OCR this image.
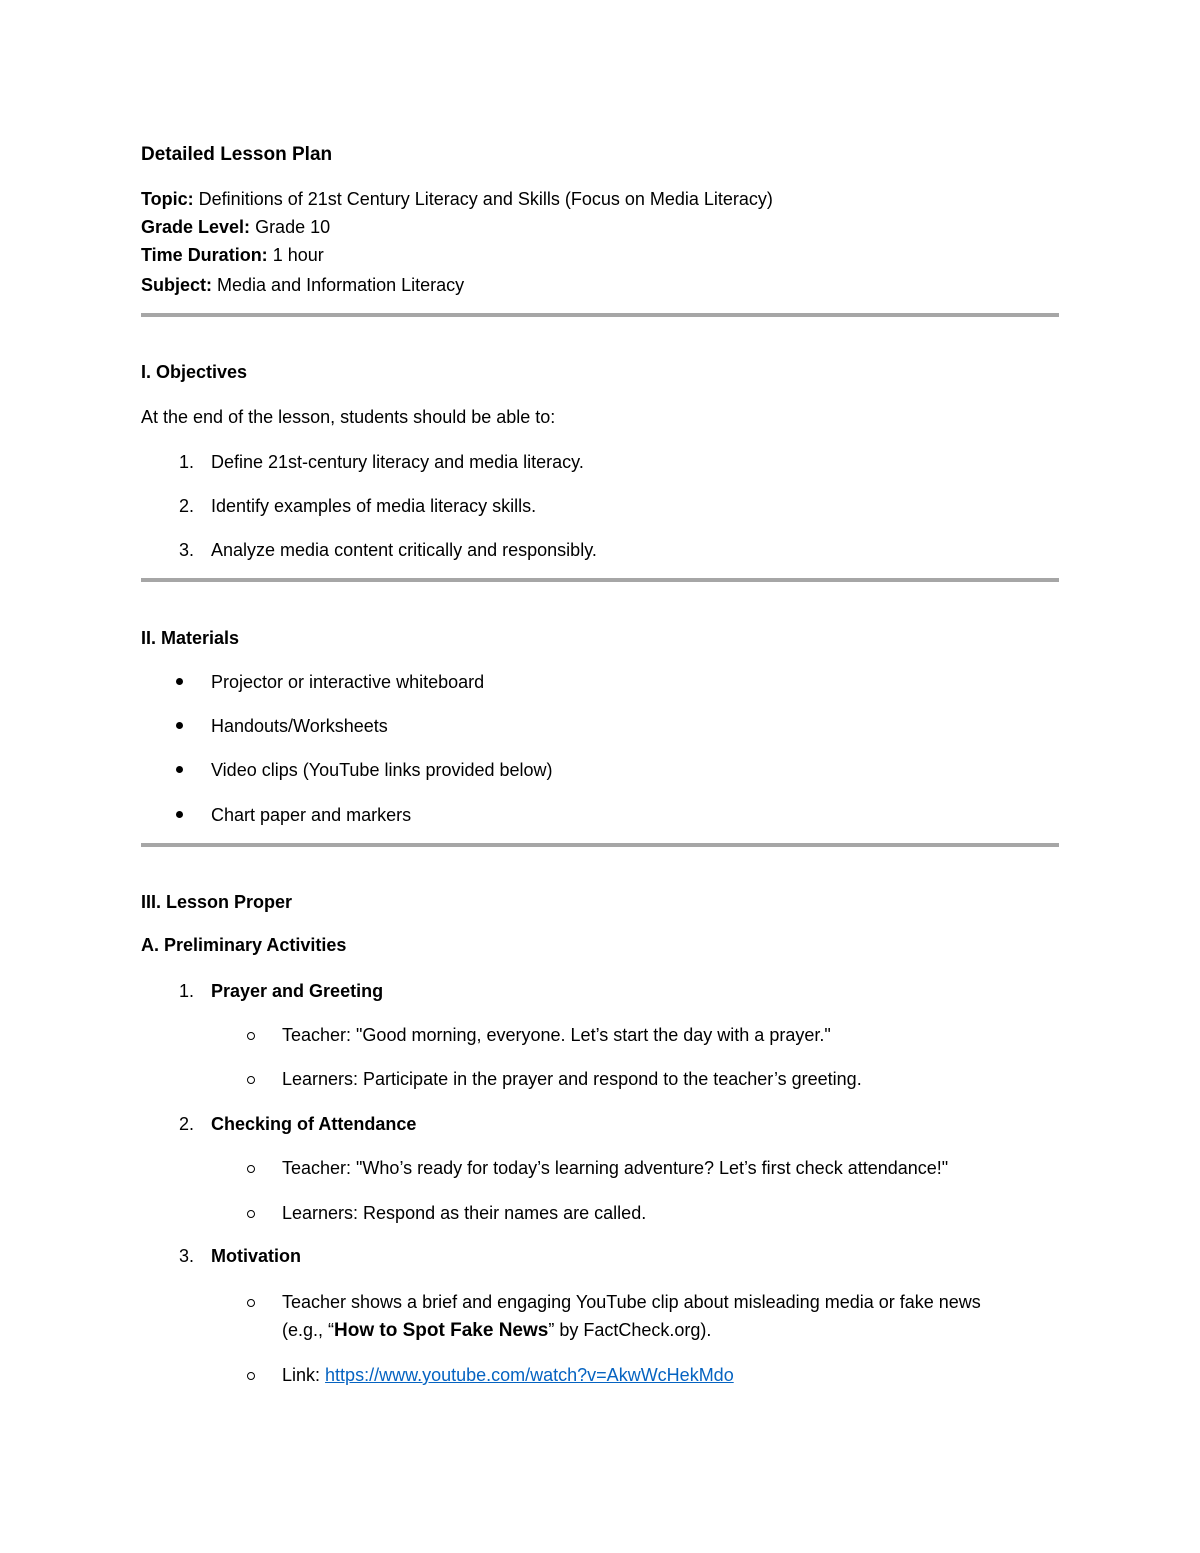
Detailed Lesson Plan
Topic: Definitions of 21st Century Literacy and Skills (Focus on Media Literacy)
Grade Level: Grade 10
Time Duration: 1 hour
Subject: Media and Information Literacy
I. Objectives
At the end of the lesson, students should be able to:
1. Define 21st-century literacy and media literacy.
2. Identify examples of media literacy skills.
3. Analyze media content critically and responsibly.
II. Materials
Projector or interactive whiteboard
Handouts/Worksheets
Video clips (YouTube links provided below)
Chart paper and markers
III. Lesson Proper
A. Preliminary Activities
1. Prayer and Greeting
Teacher: "Good morning, everyone. Let’s start the day with a prayer."
Learners: Participate in the prayer and respond to the teacher’s greeting.
2. Checking of Attendance
Teacher: "Who’s ready for today’s learning adventure? Let’s first check attendance!"
Learners: Respond as their names are called.
3. Motivation
Teacher shows a brief and engaging YouTube clip about misleading media or fake news
(e.g., “How to Spot Fake News” by FactCheck.org).
Link: https://www.youtube.com/watch?v=AkwWcHekMdo
